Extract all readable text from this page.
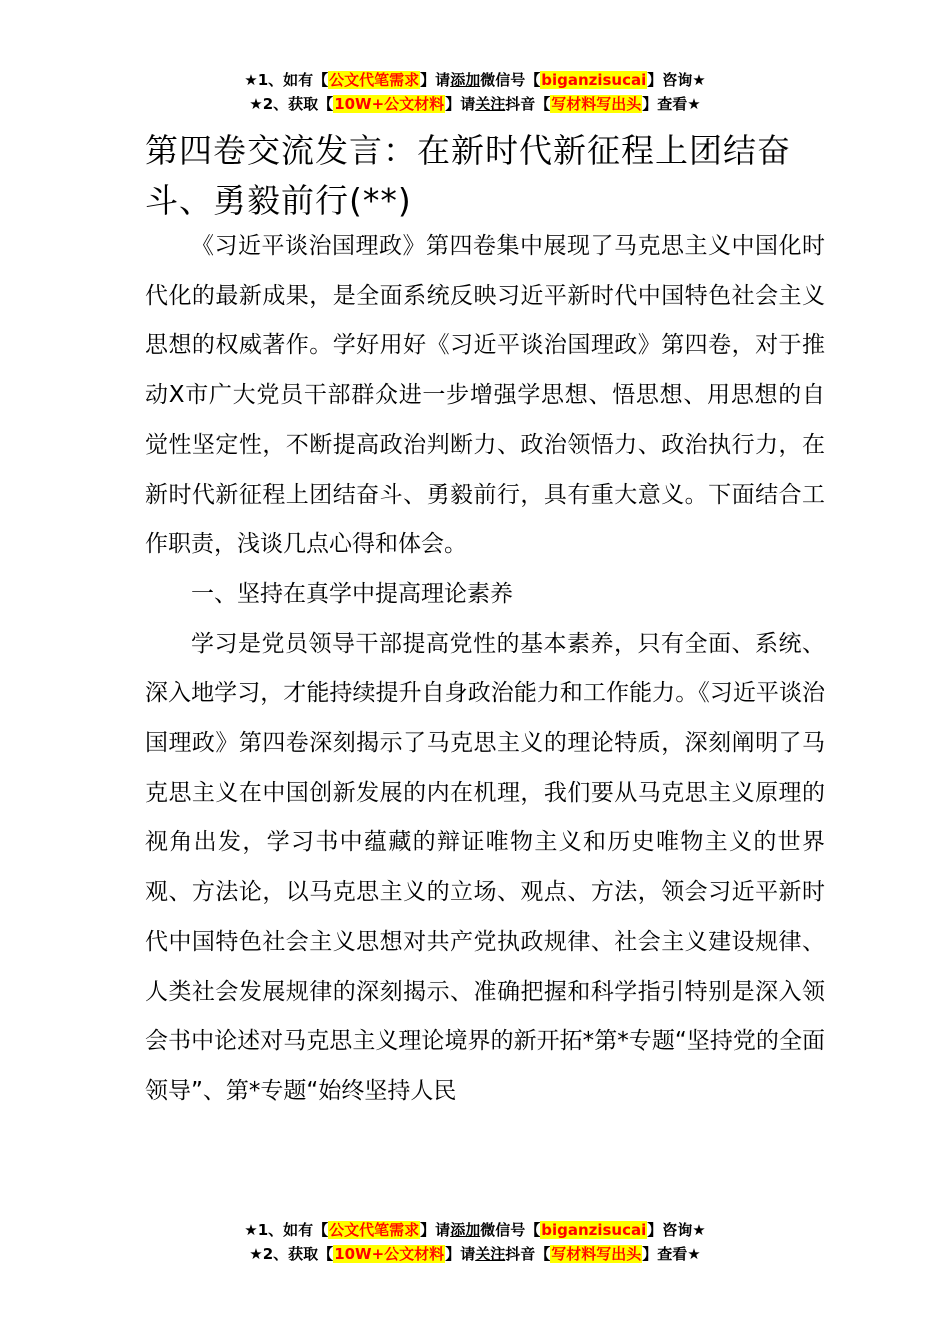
★1、如有【公文代笔需求】请添加微信号【biganzisucai】咨询★
★2、获取【10W+公文材料】请关注抖音【写材料写出头】查看★
第四卷交流发言：在新时代新征程上团结奋斗、勇毅前行(**)

《习近平谈治国理政》第四卷集中展现了马克思主义中国化时代化的最新成果，是全面系统反映习近平新时代中国特色社会主义思想的权威著作。学好用好《习近平谈治国理政》第四卷，对于推动X市广大党员干部群众进一步增强学思想、悟思想、用思想的自觉性坚定性，不断提高政治判断力、政治领悟力、政治执行力，在新时代新征程上团结奋斗、勇毅前行，具有重大意义。下面结合工作职责，浅谈几点心得和体会。

一、坚持在真学中提高理论素养

学习是党员领导干部提高党性的基本素养，只有全面、系统、深入地学习，才能持续提升自身政治能力和工作能力。《习近平谈治国理政》第四卷深刻揭示了马克思主义的理论特质，深刻阐明了马克思主义在中国创新发展的内在机理，我们要从马克思主义原理的视角出发，学习书中蕴藏的辩证唯物主义和历史唯物主义的世界观、方法论，以马克思主义的立场、观点、方法，领会习近平新时代中国特色社会主义思想对共产党执政规律、社会主义建设规律、人类社会发展规律的深刻揭示、准确把握和科学指引特别是深入领会书中论述对马克思主义理论境界的新开拓*第*专题“坚持党的全面领导”、第*专题“始终坚持人民

★1、如有【公文代笔需求】请添加微信号【biganzisucai】咨询★
★2、获取【10W+公文材料】请关注抖音【写材料写出头】查看★
